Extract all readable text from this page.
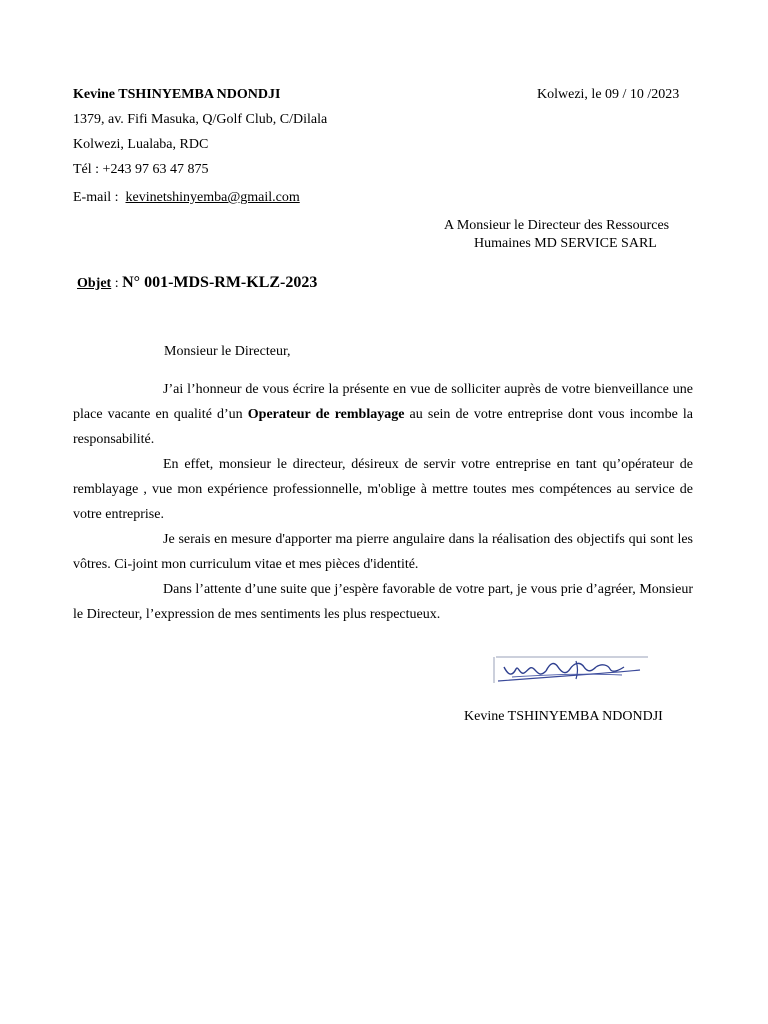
Kevine TSHINYEMBA NDONDJI	Kolwezi, le 09 / 10 /2023
1379, av. Fifi Masuka, Q/Golf Club, C/Dilala
Kolwezi, Lualaba, RDC
Tél : +243 97 63 47 875
E-mail :  kevinetshinyemba@gmail.com
A Monsieur le Directeur des Ressources
Humaines MD SERVICE SARL
Objet : N° 001-MDS-RM-KLZ-2023
Monsieur le Directeur,

J’ai l’honneur de vous écrire la présente en vue de solliciter auprès de votre bienveillance une place vacante en qualité d’un Operateur de remblayage au sein de votre entreprise dont vous incombe la responsabilité.

En effet, monsieur le directeur, désireux de servir votre entreprise en tant qu’opérateur de remblayage , vue mon expérience professionnelle, m'oblige à mettre toutes mes compétences au service de votre entreprise.

Je serais en mesure d'apporter ma pierre angulaire dans la réalisation des objectifs qui sont les vôtres. Ci-joint mon curriculum vitae et mes pièces d'identité.

Dans l’attente d’une suite que j’espère favorable de votre part, je vous prie d’agréer, Monsieur le Directeur, l’expression de mes sentiments les plus respectueux.

Kevine TSHINYEMBA NDONDJI
